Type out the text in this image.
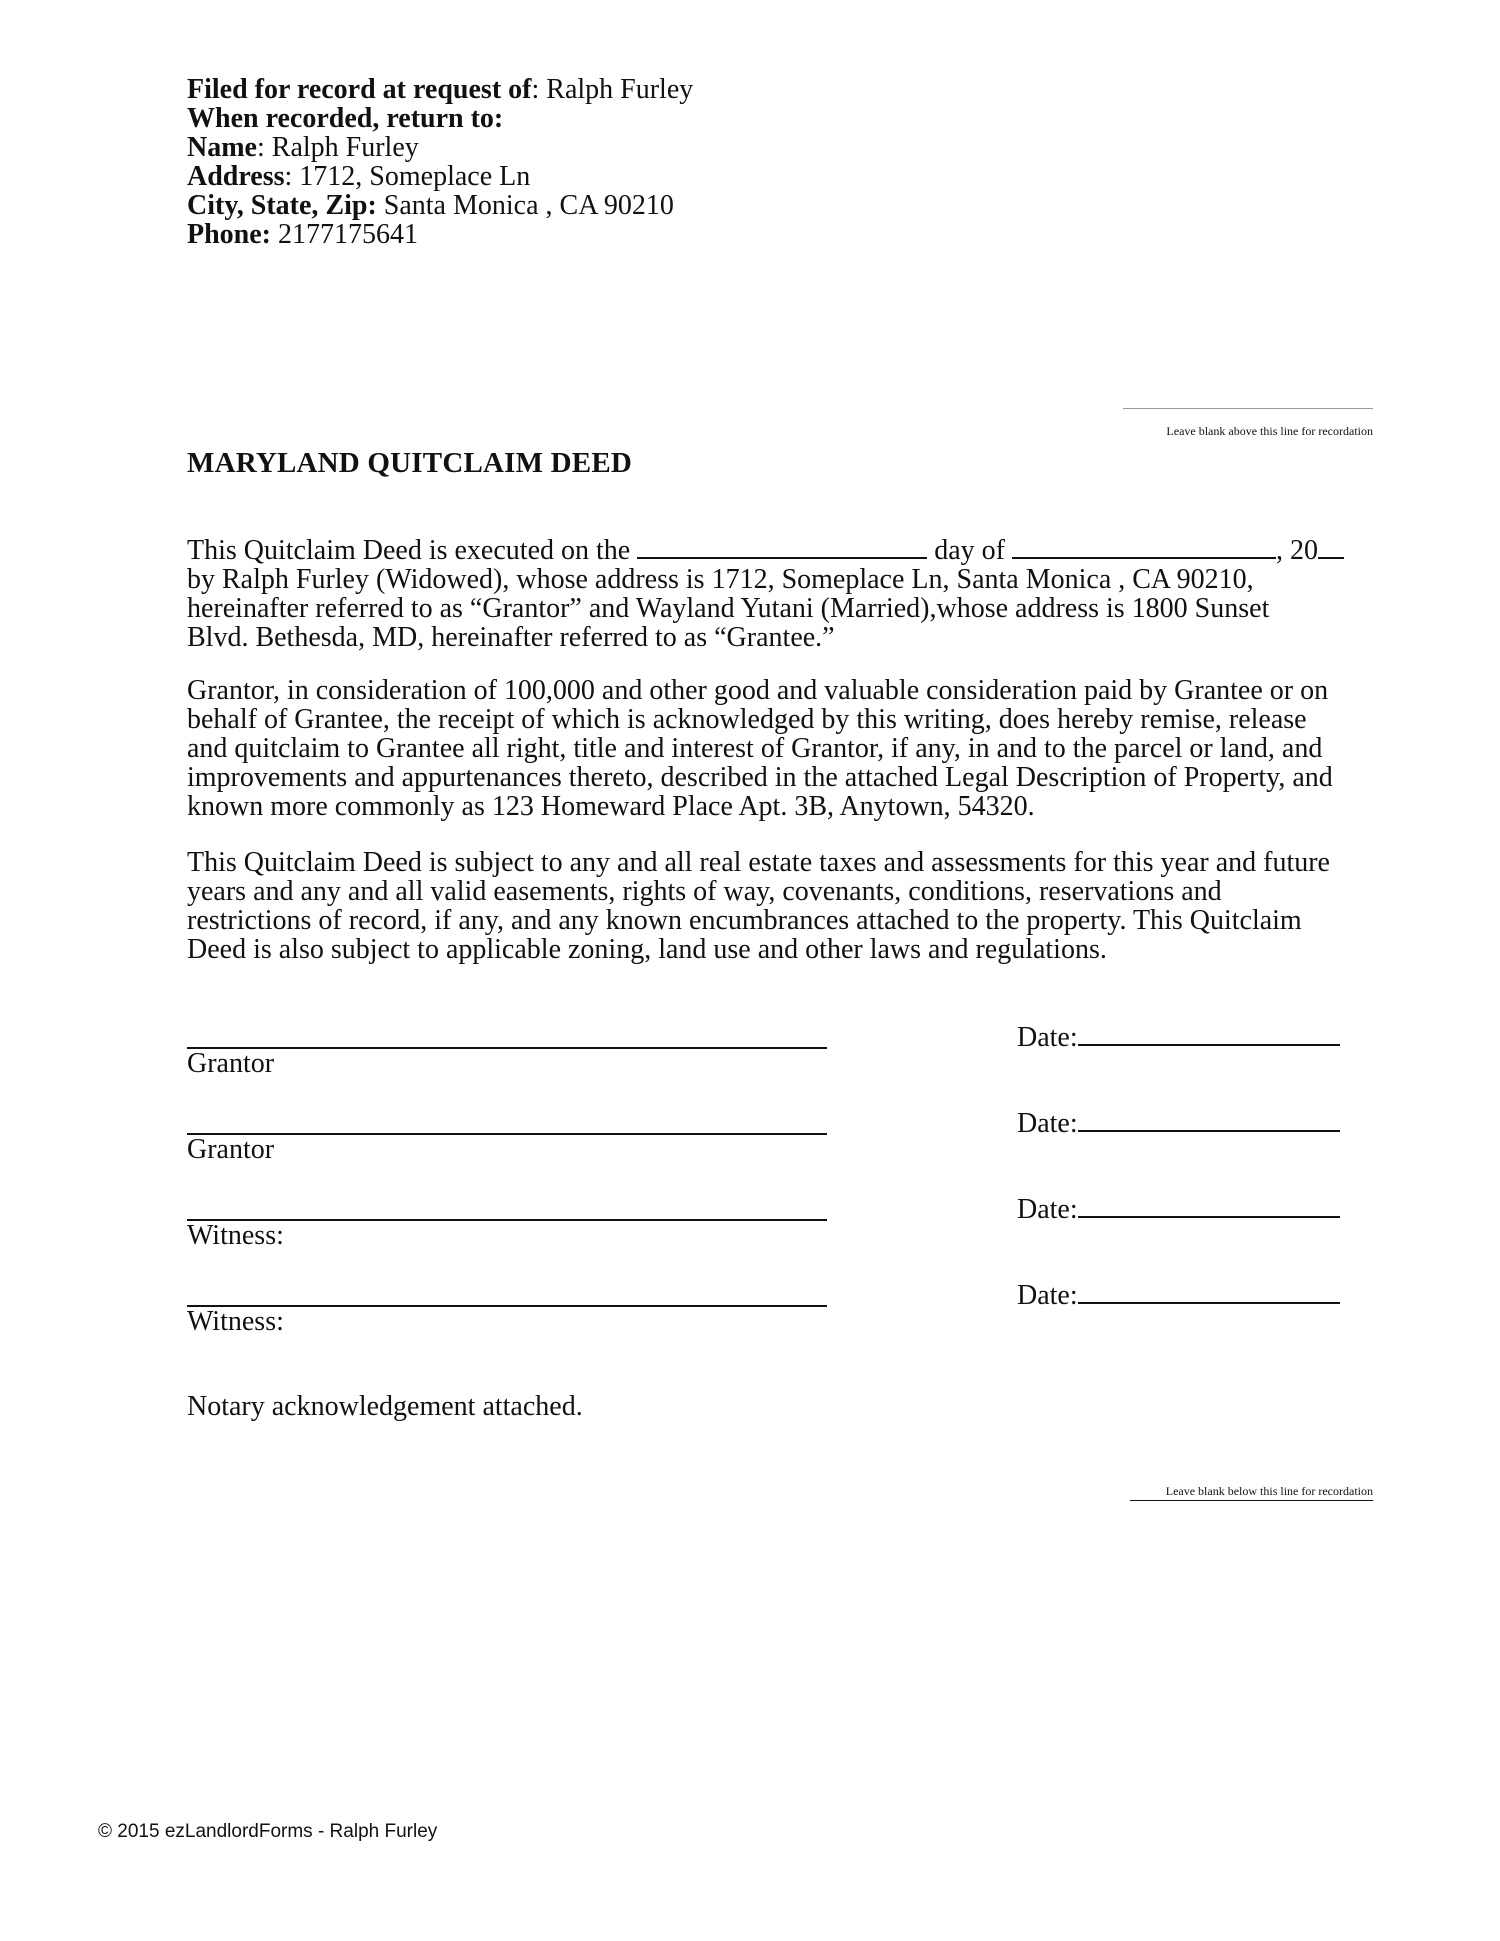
Filed for record at request of: Ralph Furley
When recorded, return to:
Name: Ralph Furley
Address: 1712, Someplace Ln
City, State, Zip: Santa Monica , CA 90210
Phone: 2177175641
Leave blank above this line for recordation
MARYLAND QUITCLAIM DEED
This Quitclaim Deed is executed on the	day of	, 20
by Ralph Furley (Widowed), whose address is 1712, Someplace Ln, Santa Monica , CA 90210,
hereinafter referred to as “Grantor” and Wayland Yutani (Married),whose address is 1800 Sunset
Blvd. Bethesda, MD, hereinafter referred to as “Grantee.”
Grantor, in consideration of 100,000 and other good and valuable consideration paid by Grantee or on
behalf of Grantee, the receipt of which is acknowledged by this writing, does hereby remise, release
and quitclaim to Grantee all right, title and interest of Grantor, if any, in and to the parcel or land, and
improvements and appurtenances thereto, described in the attached Legal Description of Property, and
known more commonly as 123 Homeward Place Apt. 3B, Anytown, 54320.
This Quitclaim Deed is subject to any and all real estate taxes and assessments for this year and future
years and any and all valid easements, rights of way, covenants, conditions, reservations and
restrictions of record, if any, and any known encumbrances attached to the property. This Quitclaim
Deed is also subject to applicable zoning, land use and other laws and regulations.
Grantor
Date:
Grantor
Date:
Witness:
Date:
Witness:
Date:
Notary acknowledgement attached.
Leave blank below this line for recordation
© 2015 ezLandlordForms - Ralph Furley
